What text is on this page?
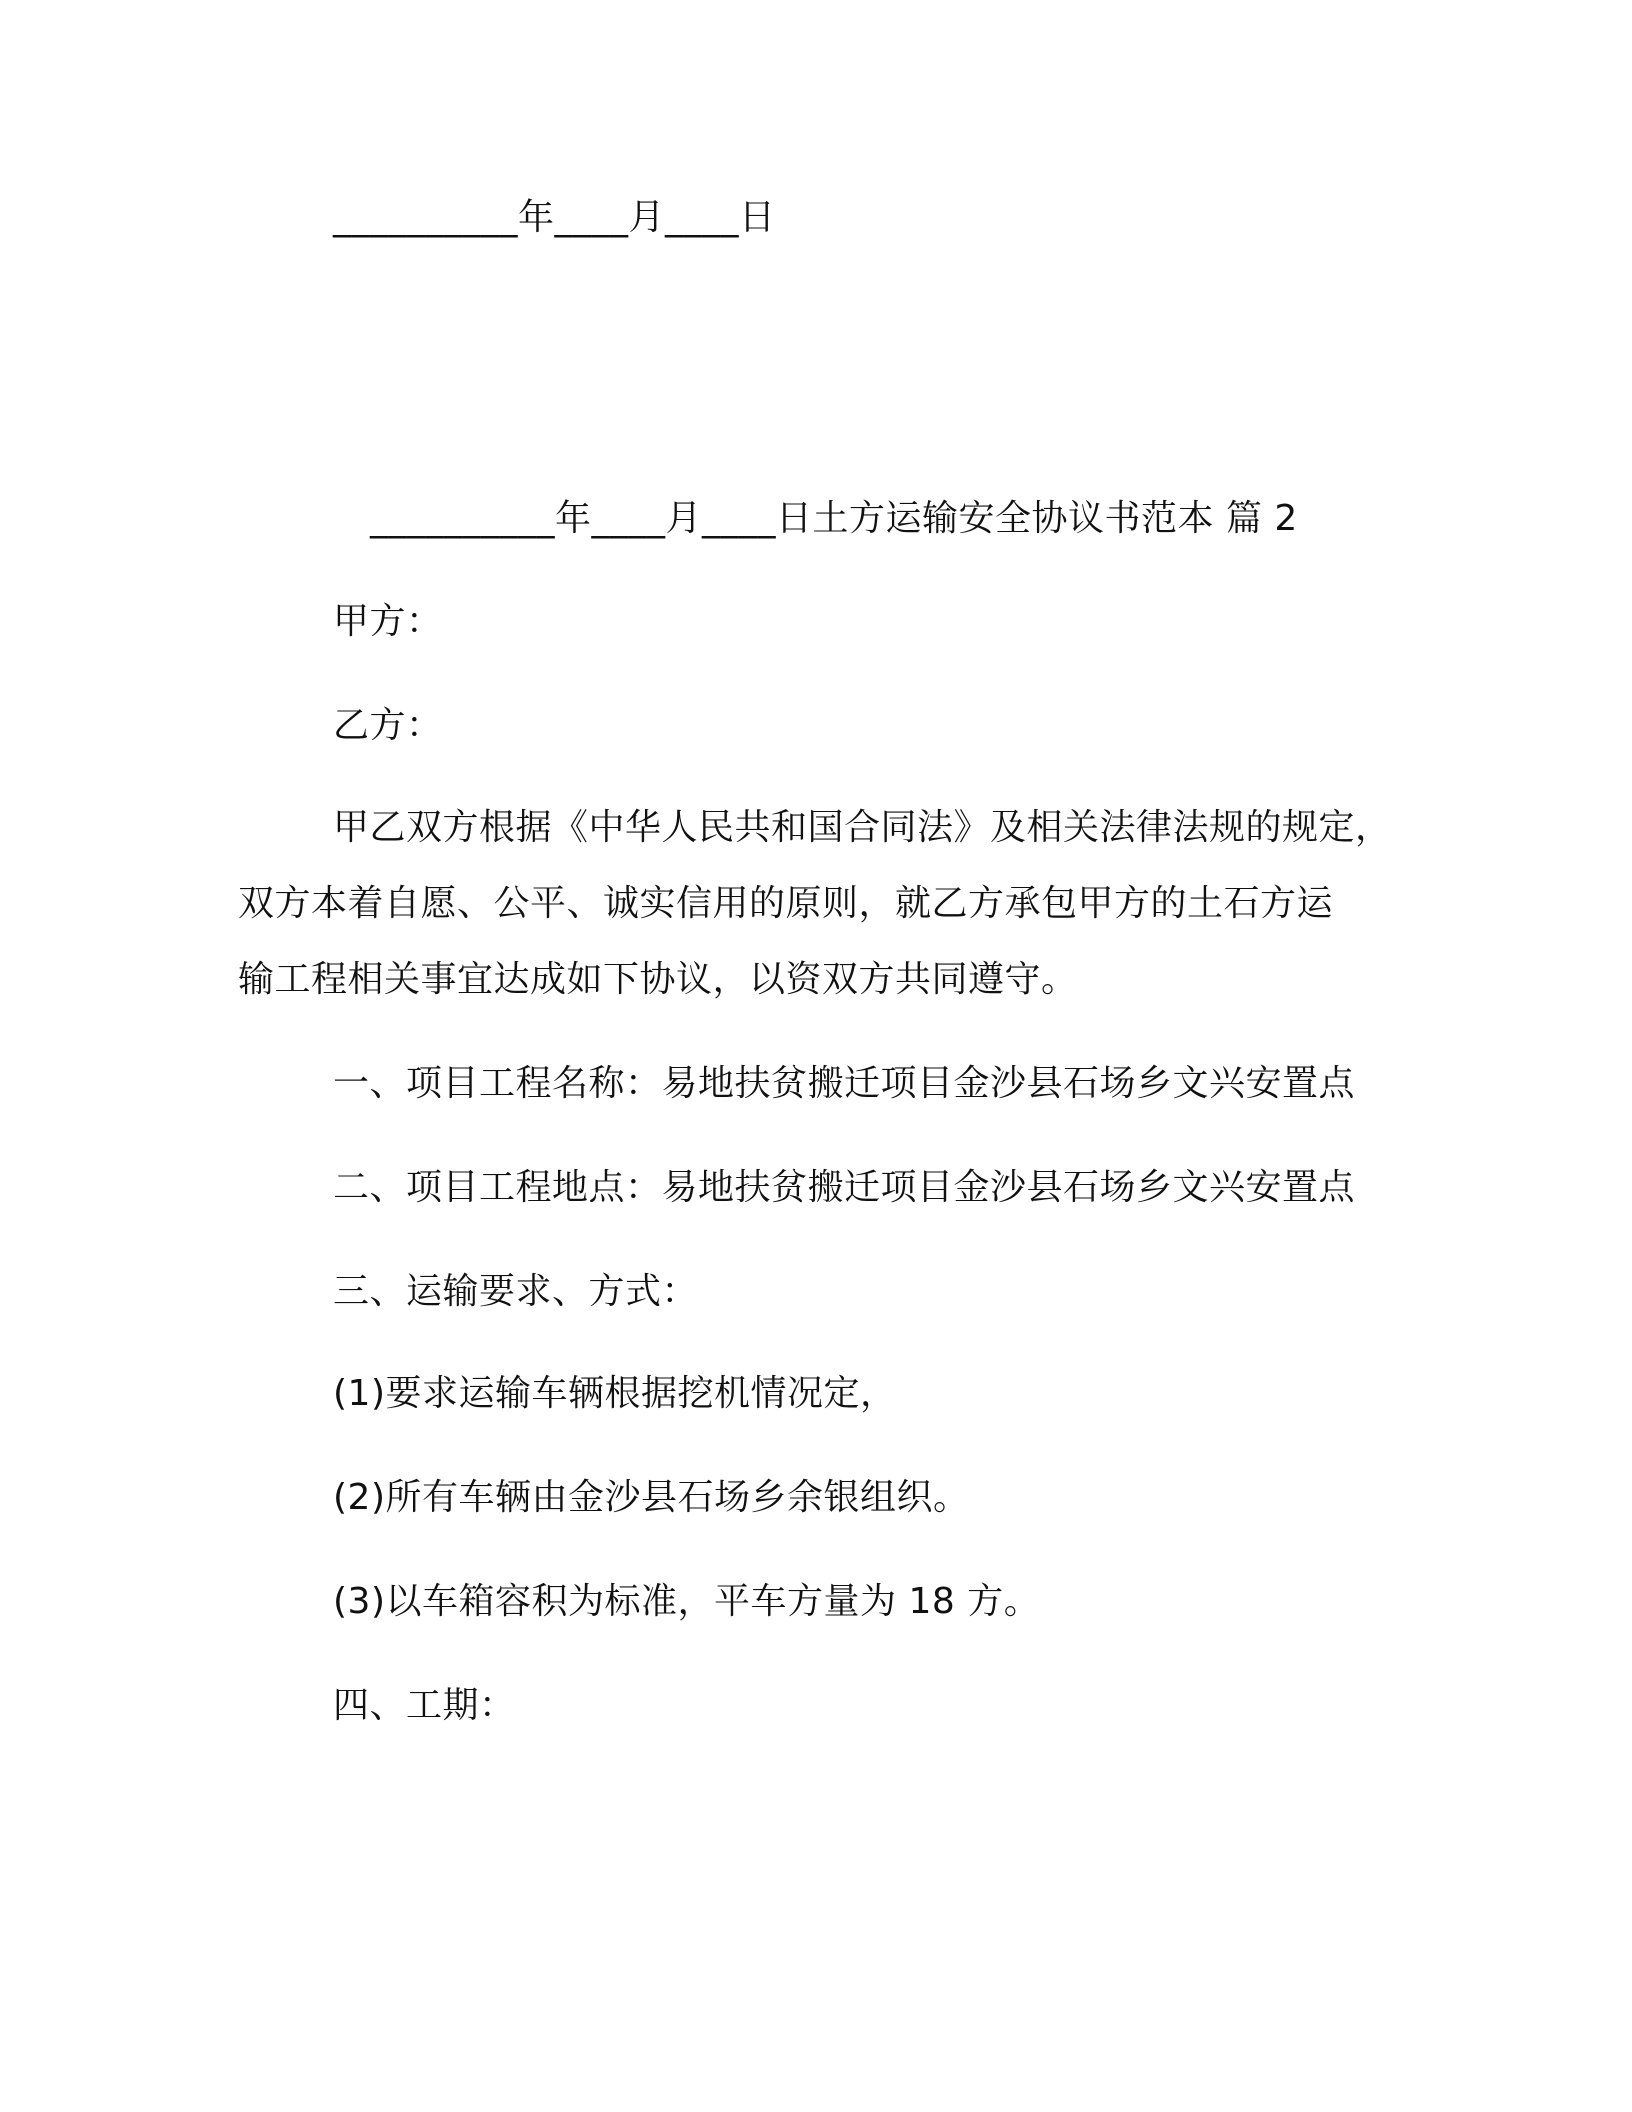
__________年____月____日
__________年____月____日土方运输安全协议书范本 篇 2
甲方：
乙方：
甲乙双方根据《中华人民共和国合同法》及相关法律法规的规定，
双方本着自愿、公平、诚实信用的原则，就乙方承包甲方的土石方运
输工程相关事宜达成如下协议，以资双方共同遵守。
一、项目工程名称：易地扶贫搬迁项目金沙县石场乡文兴安置点
二、项目工程地点：易地扶贫搬迁项目金沙县石场乡文兴安置点
三、运输要求、方式：
(1)要求运输车辆根据挖机情况定，
(2)所有车辆由金沙县石场乡余银组织。
(3)以车箱容积为标准，平车方量为 18 方。
四、工期：
